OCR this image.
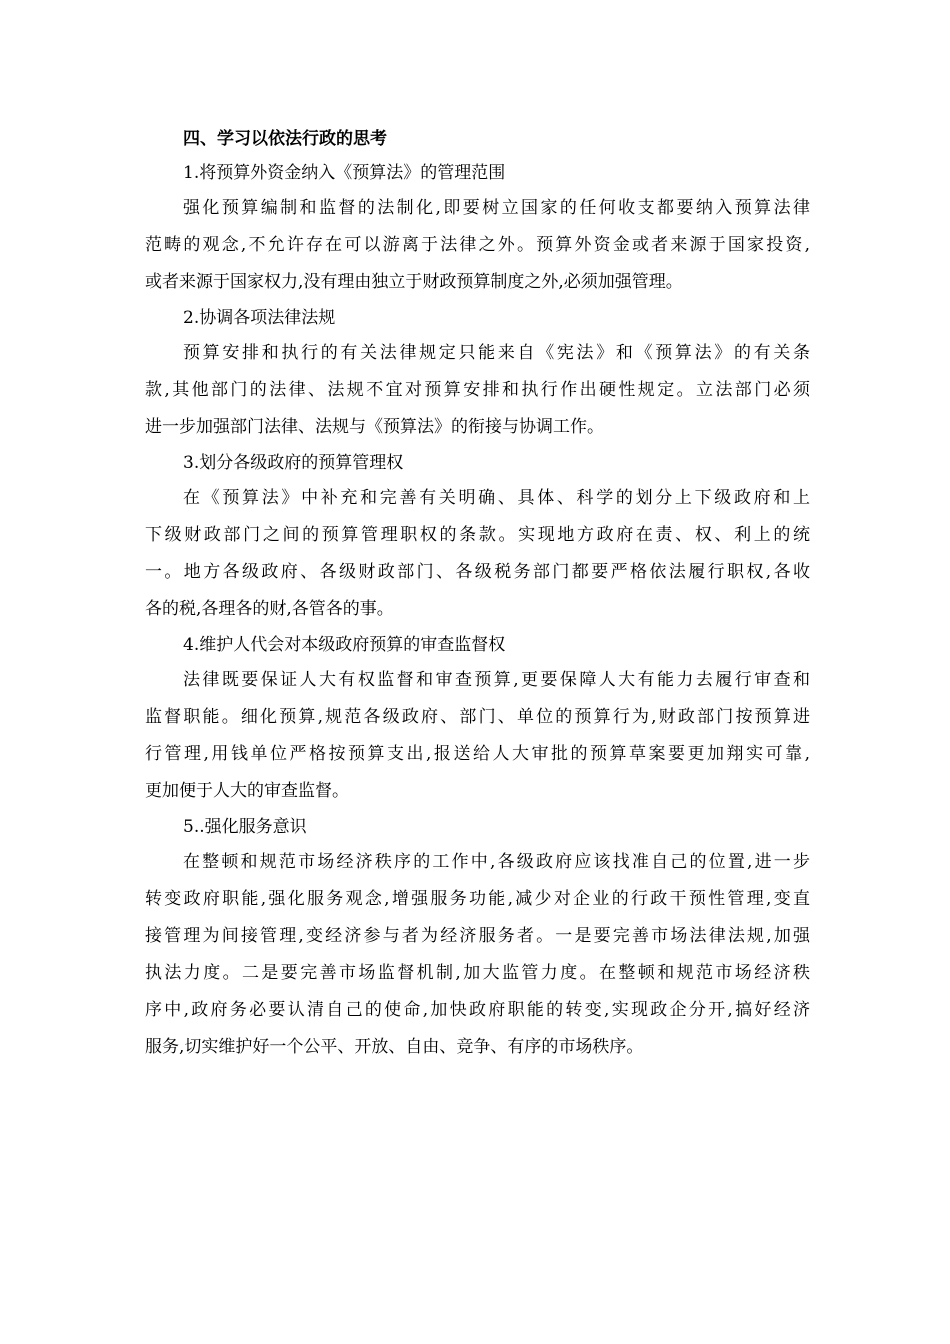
四、学习以依法行政的思考

1.将预算外资金纳入《预算法》的管理范围

强化预算编制和监督的法制化,即要树立国家的任何收支都要纳入预算法律
范畴的观念,不允许存在可以游离于法律之外。预算外资金或者来源于国家投资,
或者来源于国家权力,没有理由独立于财政预算制度之外,必须加强管理。

2.协调各项法律法规

预算安排和执行的有关法律规定只能来自《宪法》和《预算法》的有关条
款,其他部门的法律、法规不宜对预算安排和执行作出硬性规定。立法部门必须
进一步加强部门法律、法规与《预算法》的衔接与协调工作。

3.划分各级政府的预算管理权

在《预算法》中补充和完善有关明确、具体、科学的划分上下级政府和上
下级财政部门之间的预算管理职权的条款。实现地方政府在责、权、利上的统
一。地方各级政府、各级财政部门、各级税务部门都要严格依法履行职权,各收
各的税,各理各的财,各管各的事。

4.维护人代会对本级政府预算的审查监督权

法律既要保证人大有权监督和审查预算,更要保障人大有能力去履行审查和
监督职能。细化预算,规范各级政府、部门、单位的预算行为,财政部门按预算进
行管理,用钱单位严格按预算支出,报送给人大审批的预算草案要更加翔实可靠,
更加便于人大的审查监督。

5..强化服务意识

在整顿和规范市场经济秩序的工作中,各级政府应该找准自己的位置,进一步
转变政府职能,强化服务观念,增强服务功能,减少对企业的行政干预性管理,变直
接管理为间接管理,变经济参与者为经济服务者。一是要完善市场法律法规,加强
执法力度。二是要完善市场监督机制,加大监管力度。在整顿和规范市场经济秩
序中,政府务必要认清自己的使命,加快政府职能的转变,实现政企分开,搞好经济
服务,切实维护好一个公平、开放、自由、竞争、有序的市场秩序。
